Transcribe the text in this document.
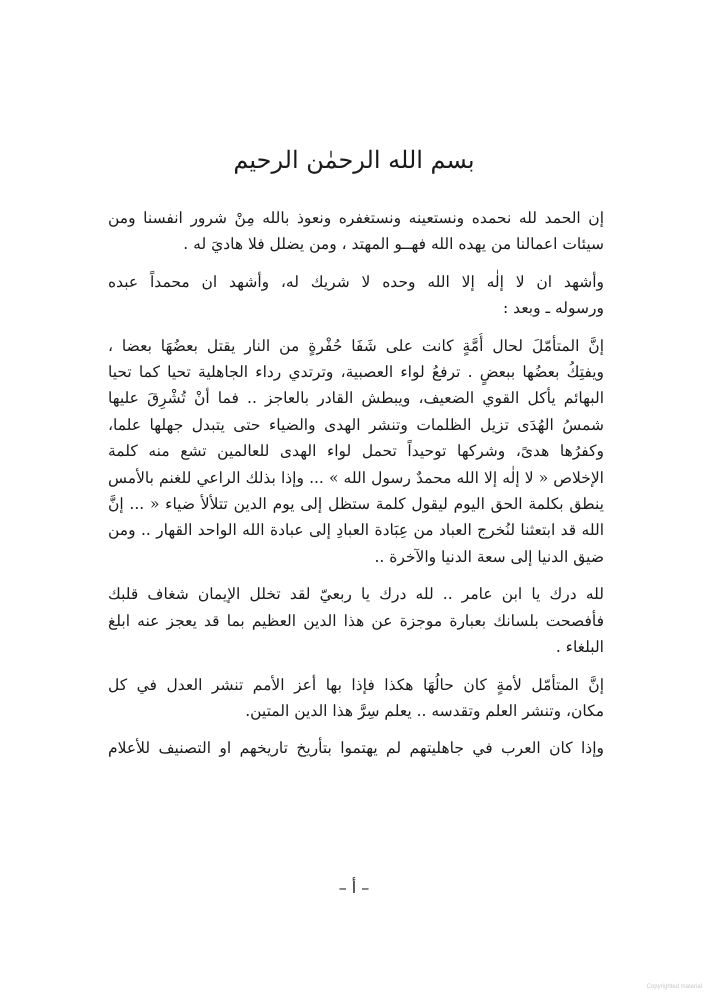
بسم الله الرحمٰن الرحيم

إن الحمد لله نحمده ونستعينه ونستغفره ونعوذ بالله مِنْ شرور انفسنا ومن
سيئات اعمالنا من يهده الله فهــو المهتد ، ومن يضلل فلا هاديَ له .

وأشهد ان لا إلٰه إلا الله وحده لا شريك له، وأشهد ان محمداً عبده
ورسوله ـ وبعد :

إنَّ المتأمّلَ لحال أُمَّةٍ كانت على شَفَا حُفْرةٍ من النار يقتل بعضُهَا بعضا ،
ويفتِكُ بعضُها ببعضٍ . ترفعُ لواء العصبية، وترتدي رداء الجاهلية تحيا كما تحيا
البهائم يأكل القوي الضعيف، ويبطش القادر بالعاجز .. فما أنْ تُشْرِقَ عليها
شمسُ الهُدَى تزيل الظلمات وتنشر الهدى والضياء حتى يتبدل جهلها علما،
وكفرُها هدىً، وشركها توحيداً تحمل لواء الهدى للعالمين تشع منه كلمة
الإخلاص « لا إلٰه إلا الله محمدٌ رسول الله » ... وإذا بذلك الراعي للغنم بالأمس
ينطق بكلمة الحق اليوم ليقول كلمة ستظل إلى يوم الدين تتلألأ ضياء « ... إنَّ
الله قد ابتعثنا لنُخرج العباد من عِبَادة العبادِ إلى عبادة الله الواحد القهار .. ومن
ضيق الدنيا إلى سعة الدنيا والآخرة ..

لله درك يا ابن عامر .. لله درك يا ربعيّ لقد تخلل الإيمان شغاف قلبك
فأفصحت بلسانك بعبارة موجزة عن هذا الدين العظيم بما قد يعجز عنه ابلغ
البلغاء .

إنَّ المتأمّل لأمةٍ كان حالُهَا هكذا فإذا بها أعز الأمم تنشر العدل في كل
مكان، وتنشر العلم وتقدسه .. يعلم سِرَّ هذا الدين المتين.

وإذا كان العرب في جاهليتهم لم يهتموا بتأريخ تاريخهم او التصنيف للأعلام

– أ –
Copyrighted material
